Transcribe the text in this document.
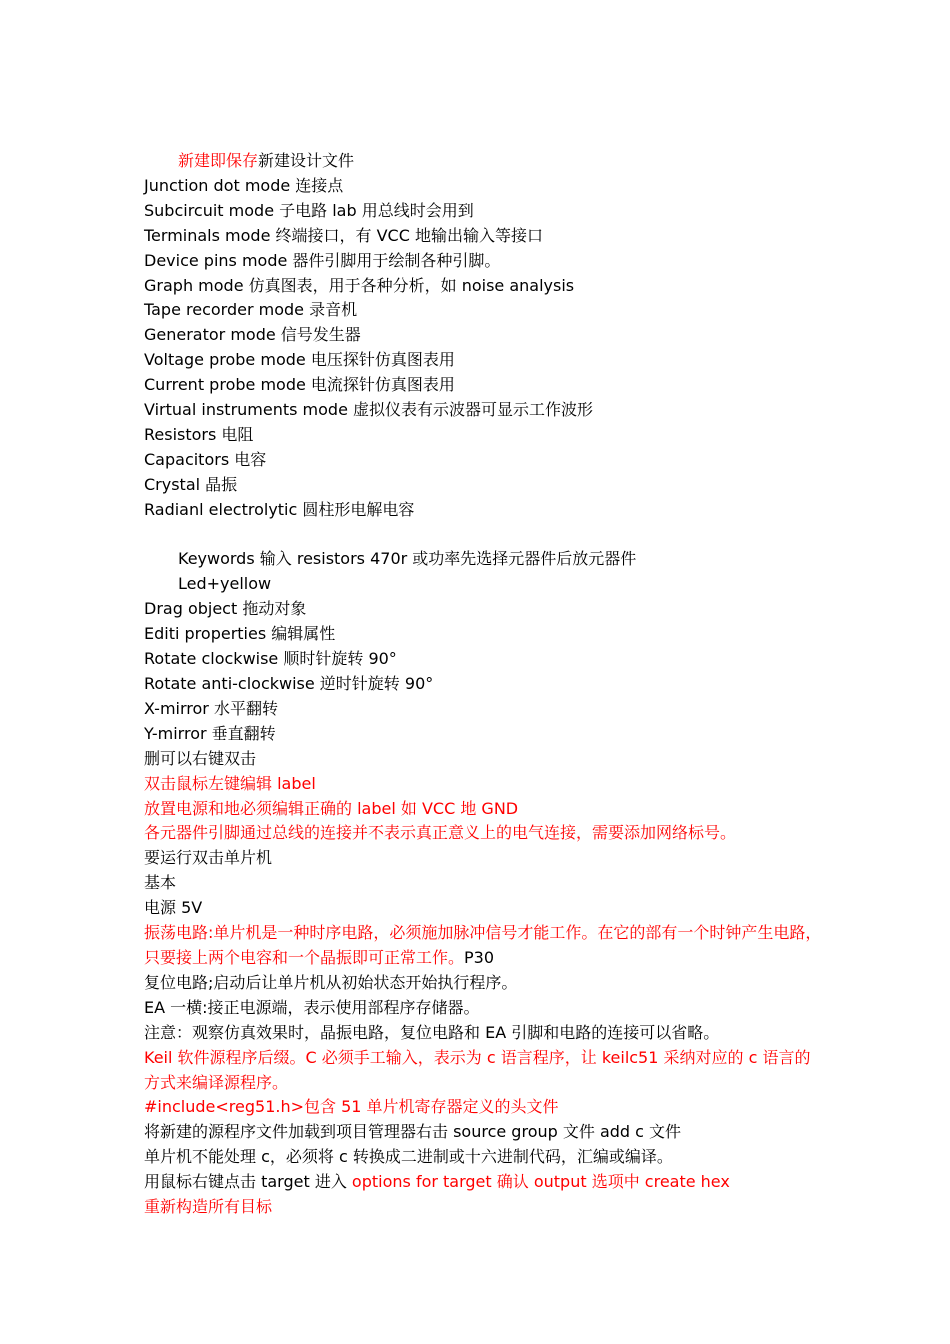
新建即保存新建设计文件
Junction dot mode 连接点
Subcircuit mode 子电路 lab 用总线时会用到
Terminals mode 终端接口，有 VCC 地输出输入等接口
Device pins mode 器件引脚用于绘制各种引脚。
Graph mode 仿真图表，用于各种分析，如 noise analysis
Tape recorder mode 录音机
Generator mode 信号发生器
Voltage probe mode 电压探针仿真图表用
Current probe mode 电流探针仿真图表用
Virtual instruments mode 虚拟仪表有示波器可显示工作波形
Resistors 电阻
Capacitors 电容
Crystal 晶振
Radianl electrolytic 圆柱形电解电容
Keywords 输入 resistors 470r 或功率先选择元器件后放元器件
Led+yellow
Drag object 拖动对象
Editi properties 编辑属性
Rotate clockwise 顺时针旋转 90°
Rotate anti-clockwise 逆时针旋转 90°
X-mirror 水平翻转
Y-mirror 垂直翻转
删可以右键双击
双击鼠标左键编辑 label
放置电源和地必须编辑正确的 label 如 VCC 地 GND
各元器件引脚通过总线的连接并不表示真正意义上的电气连接，需要添加网络标号。
要运行双击单片机
基本
电源 5V
振荡电路:单片机是一种时序电路，必须施加脉冲信号才能工作。在它的部有一个时钟产生电路，只要接上两个电容和一个晶振即可正常工作。P30
复位电路;启动后让单片机从初始状态开始执行程序。
EA 一横:接正电源端，表示使用部程序存储器。
注意：观察仿真效果时，晶振电路，复位电路和 EA 引脚和电路的连接可以省略。
Keil 软件源程序后缀。C 必须手工输入，表示为 c 语言程序，让 keilc51 采纳对应的 c 语言的方式来编译源程序。
#include<reg51.h>包含 51 单片机寄存器定义的头文件
将新建的源程序文件加载到项目管理器右击 source group 文件 add c 文件
单片机不能处理 c，必须将 c 转换成二进制或十六进制代码，汇编或编译。
用鼠标右键点击 target 进入 options for target 确认 output 选项中 create hex
重新构造所有目标
